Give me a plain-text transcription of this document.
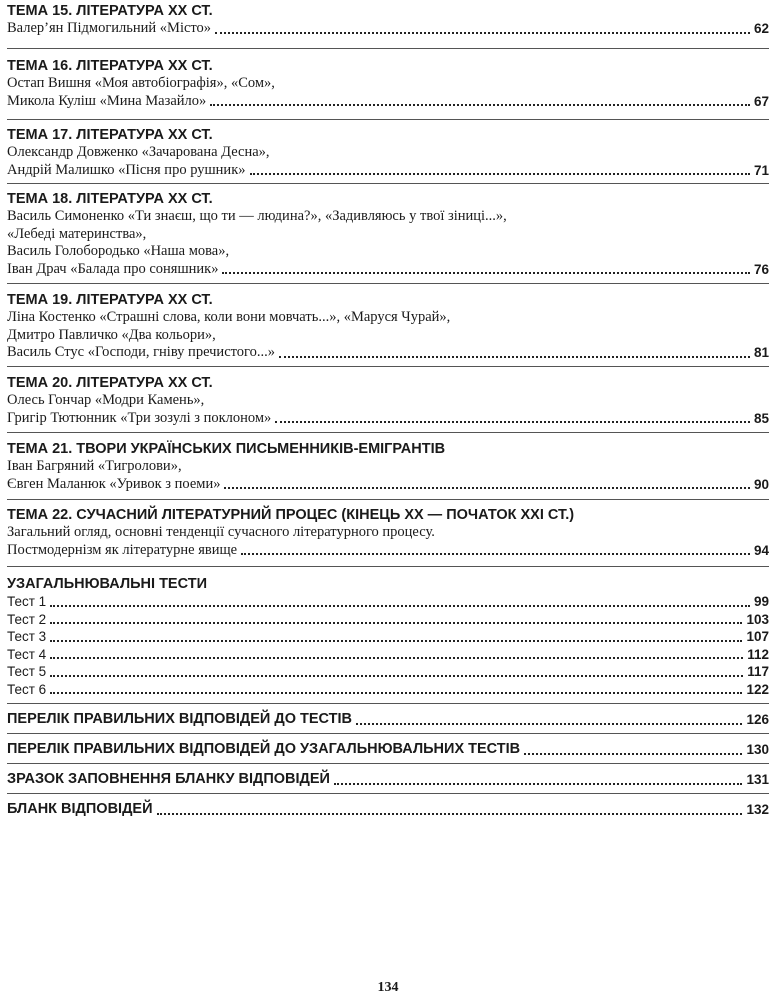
ТЕМА 15. ЛІТЕРАТУРА ХХ СТ.
Валер’ян Підмогильний «Місто»	62
ТЕМА 16. ЛІТЕРАТУРА ХХ СТ.
Остап Вишня «Моя автобіографія», «Сом»,
Микола Куліш «Мина Мазайло»	67
ТЕМА 17. ЛІТЕРАТУРА ХХ СТ.
Олександр Довженко «Зачарована Десна»,
Андрій Малишко «Пісня про рушник»	71
ТЕМА 18. ЛІТЕРАТУРА ХХ СТ.
Василь Симоненко «Ти знаєш, що ти — людина?», «Задивляюсь у твої зіниці...»,
«Лебеді материнства»,
Василь Голобородько «Наша мова»,
Іван Драч «Балада про соняшник»	76
ТЕМА 19. ЛІТЕРАТУРА ХХ СТ.
Ліна Костенко «Страшні слова, коли вони мовчать...», «Маруся Чурай»,
Дмитро Павличко «Два кольори»,
Василь Стус «Господи, гніву пречистого...»	81
ТЕМА 20. ЛІТЕРАТУРА ХХ СТ.
Олесь Гончар «Модри Камень»,
Григір Тютюнник «Три зозулі з поклоном»	85
ТЕМА 21. ТВОРИ УКРАЇНСЬКИХ ПИСЬМЕННИКІВ-ЕМІГРАНТІВ
Іван Багряний «Тигролови»,
Євген Маланюк «Уривок з поеми»	90
ТЕМА 22. СУЧАСНИЙ ЛІТЕРАТУРНИЙ ПРОЦЕС (КІНЕЦЬ ХХ — ПОЧАТОК ХХІ СТ.)
Загальний огляд, основні тенденції сучасного літературного процесу.
Постмодернізм як літературне явище	94
УЗАГАЛЬНЮВАЛЬНІ ТЕСТИ
Тест 1	99
Тест 2	103
Тест 3	107
Тест 4	112
Тест 5	117
Тест 6	122
ПЕРЕЛІК ПРАВИЛЬНИХ ВІДПОВІДЕЙ ДО ТЕСТІВ	126
ПЕРЕЛІК ПРАВИЛЬНИХ ВІДПОВІДЕЙ ДО УЗАГАЛЬНЮВАЛЬНИХ ТЕСТІВ	130
ЗРАЗОК ЗАПОВНЕННЯ БЛАНКУ ВІДПОВІДЕЙ	131
БЛАНК ВІДПОВІДЕЙ	132
134
